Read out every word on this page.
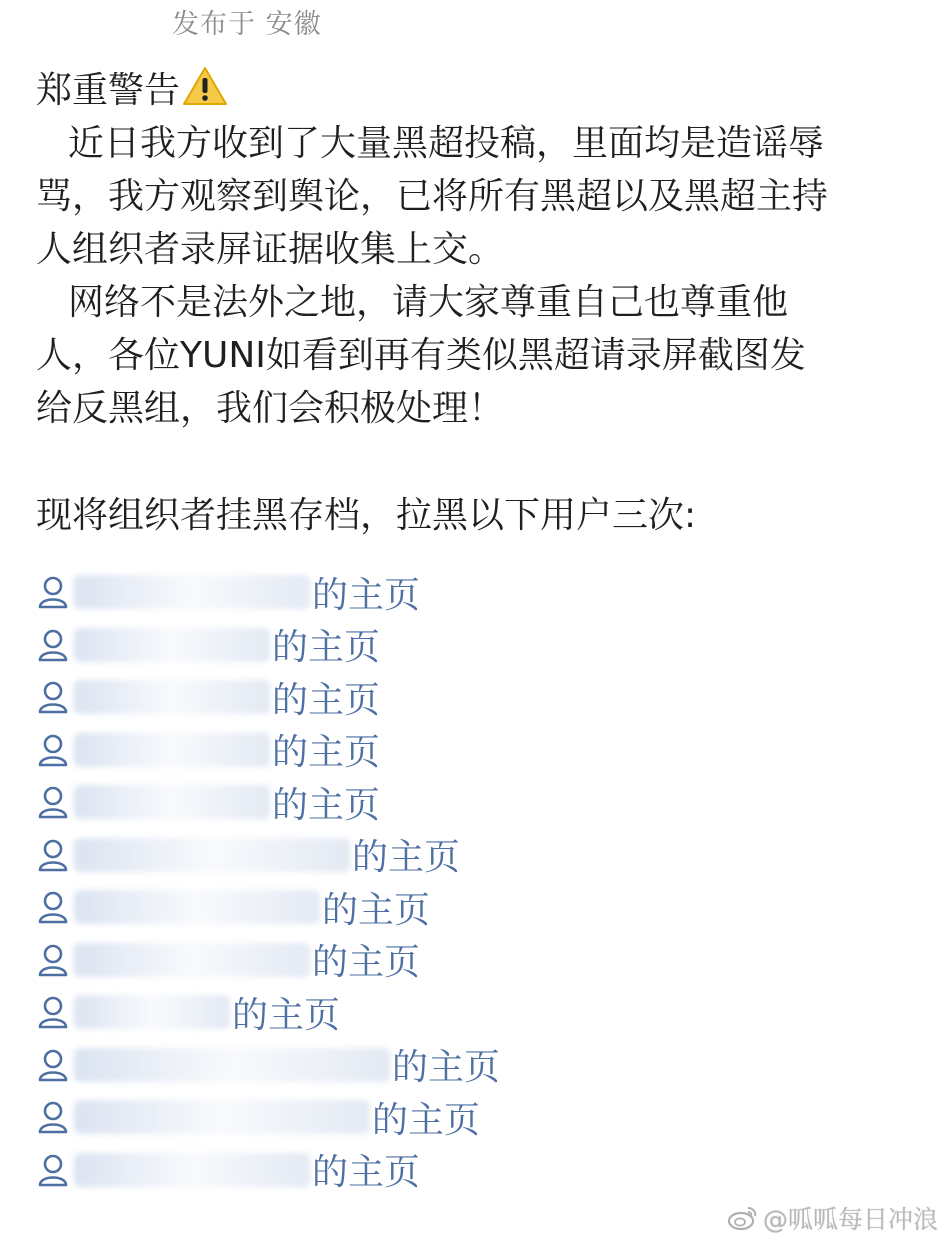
发布于 安徽
郑重警告
近日我方收到了大量黑超投稿，里面均是造谣辱
骂，我方观察到舆论，已将所有黑超以及黑超主持
人组织者录屏证据收集上交。
网络不是法外之地，请大家尊重自己也尊重他
人，各位YUNI如看到再有类似黑超请录屏截图发
给反黑组，我们会积极处理！
现将组织者挂黑存档，拉黑以下用户三次:
的主页
的主页
的主页
的主页
的主页
的主页
的主页
的主页
的主页
的主页
的主页
的主页
@呱呱每日冲浪
